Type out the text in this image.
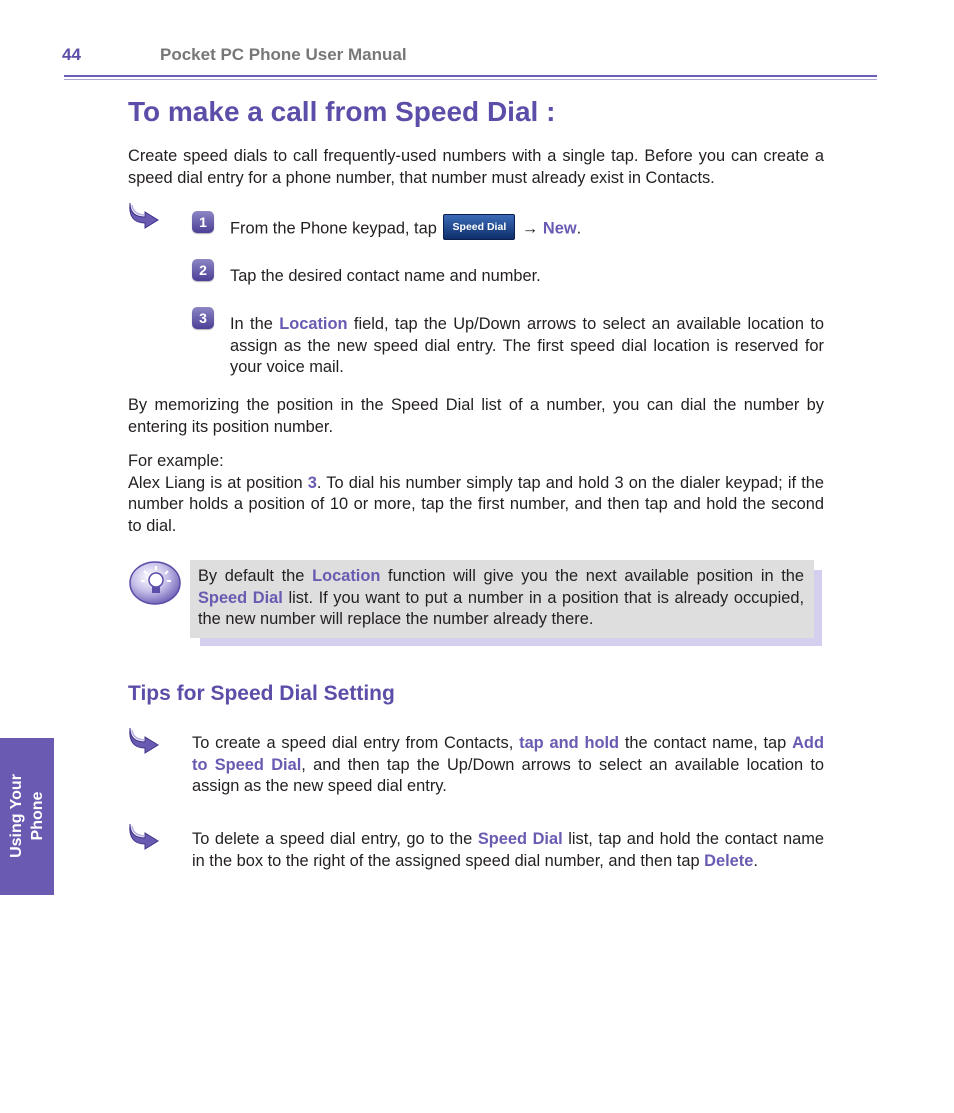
44	Pocket PC Phone User Manual
Using Your Phone
To make a call from Speed Dial :

Create speed dials to call frequently-used numbers with a single tap. Before you can create a speed dial entry for a phone number, that number must already exist in Contacts.

1	From the Phone keypad, tap Speed Dial → New.

2	Tap the desired contact name and number.

3	In the Location field, tap the Up/Down arrows to select an available location to assign as the new speed dial entry. The first speed dial location is reserved for your voice mail.

By memorizing the position in the Speed Dial list of a number, you can dial the number by entering its position number.

For example:
Alex Liang is at position 3. To dial his number simply tap and hold 3 on the dialer keypad; if the number holds a position of 10 or more, tap the first number, and then tap and hold the second to dial.

By default the Location function will give you the next available position in the Speed Dial list. If you want to put a number in a position that is already occupied, the new number will replace the number already there.

Tips for Speed Dial Setting

To create a speed dial entry from Contacts, tap and hold the contact name, tap Add to Speed Dial, and then tap the Up/Down arrows to select an available location to assign as the new speed dial entry.

To delete a speed dial entry, go to the Speed Dial list, tap and hold the contact name in the box to the right of the assigned speed dial number, and then tap Delete.
